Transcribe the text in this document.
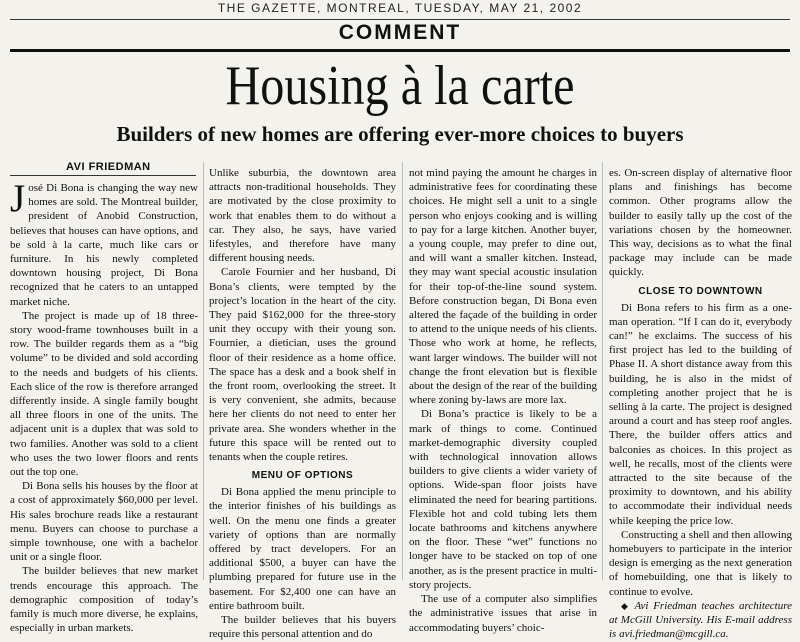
THE GAZETTE, MONTREAL, TUESDAY, MAY 21, 2002
COMMENT
Housing à la carte
Builders of new homes are offering ever-more choices to buyers
AVI FRIEDMAN

José Di Bona is changing the way new homes are sold. The Montreal builder, president of Anobid Construction, believes that houses can have options, and be sold à la carte, much like cars or furniture. In his newly completed downtown housing project, Di Bona recognized that he caters to an untapped market niche.

The project is made up of 18 three-story wood-frame townhouses built in a row. The builder regards them as a “big volume” to be divided and sold according to the needs and budgets of his clients. Each slice of the row is therefore arranged differently inside. A single family bought all three floors in one of the units. The adjacent unit is a duplex that was sold to two families. Another was sold to a client who uses the two lower floors and rents out the top one.

Di Bona sells his houses by the floor at a cost of approximately $60,000 per level. His sales brochure reads like a restaurant menu. Buyers can choose to purchase a simple townhouse, one with a bachelor unit or a single floor.

The builder believes that new market trends encourage this approach. The demographic composition of today’s family is much more diverse, he explains, especially in urban markets.

Unlike suburbia, the downtown area attracts non-traditional households. They are motivated by the close proximity to work that enables them to do without a car. They also, he says, have varied lifestyles, and therefore have many different housing needs.

Carole Fournier and her husband, Di Bona’s clients, were tempted by the project’s location in the heart of the city. They paid $162,000 for the three-story unit they occupy with their young son. Fournier, a dietician, uses the ground floor of their residence as a home office. The space has a desk and a book shelf in the front room, overlooking the street. It is very convenient, she admits, because here her clients do not need to enter her private area. She wonders whether in the future this space will be rented out to tenants when the couple retires.

MENU OF OPTIONS

Di Bona applied the menu principle to the interior finishes of his buildings as well. On the menu one finds a greater variety of options than are normally offered by tract developers. For an additional $500, a buyer can have the plumbing prepared for future use in the basement. For $2,400 one can have an entire bathroom built.

The builder believes that his buyers require this personal attention and do

not mind paying the amount he charges in administrative fees for coordinating these choices. He might sell a unit to a single person who enjoys cooking and is willing to pay for a large kitchen. Another buyer, a young couple, may prefer to dine out, and will want a smaller kitchen. Instead, they may want special acoustic insulation for their top-of-the-line sound system. Before construction began, Di Bona even altered the façade of the building in order to attend to the unique needs of his clients. Those who work at home, he reflects, want larger windows. The builder will not change the front elevation but is flexible about the design of the rear of the building where zoning by-laws are more lax.

Di Bona’s practice is likely to be a mark of things to come. Continued market-demographic diversity coupled with technological innovation allows builders to give clients a wider variety of options. Wide-span floor joists have eliminated the need for bearing partitions. Flexible hot and cold tubing lets them locate bathrooms and kitchens anywhere on the floor. These “wet” functions no longer have to be stacked on top of one another, as is the present practice in multi-story projects.

The use of a computer also simplifies the administrative issues that arise in accommodating buyers’ choic-

es. On-screen display of alternative floor plans and finishings has become common. Other programs allow the builder to easily tally up the cost of the variations chosen by the homeowner. This way, decisions as to what the final package may include can be made quickly.

CLOSE TO DOWNTOWN

Di Bona refers to his firm as a one-man operation. “If I can do it, everybody can!” he exclaims. The success of his first project has led to the building of Phase II. A short distance away from this building, he is also in the midst of completing another project that he is selling à la carte. The project is designed around a court and has steep roof angles. There, the builder offers attics and balconies as choices. In this project as well, he recalls, most of the clients were attracted to the site because of the proximity to downtown, and his ability to accommodate their individual needs while keeping the price low.

Constructing a shell and then allowing homebuyers to participate in the interior design is emerging as the next generation of homebuilding, one that is likely to continue to evolve.

◆ Avi Friedman teaches architecture at McGill University. His E-mail address is avi.friedman@mcgill.ca.
